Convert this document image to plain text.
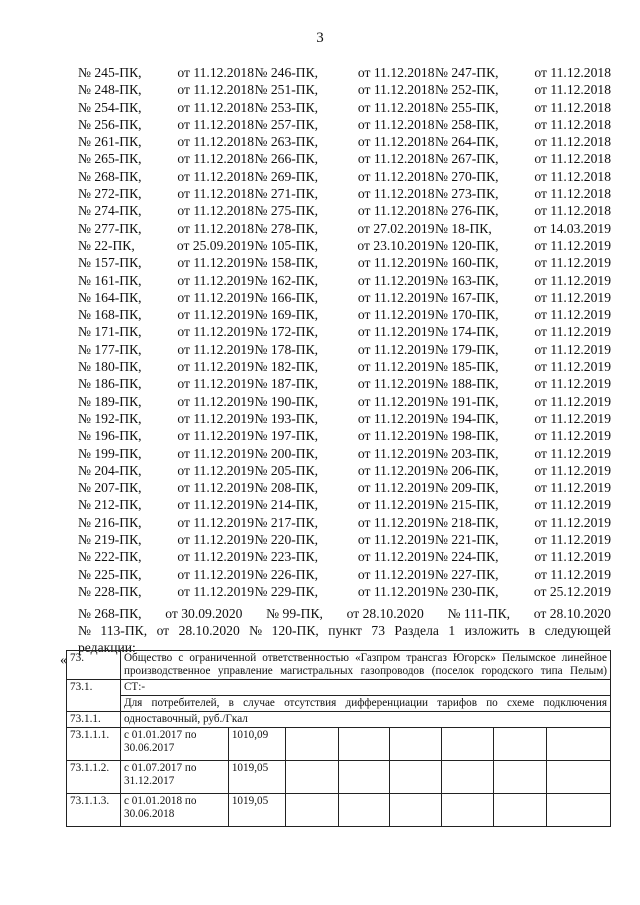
3
№ 245-ПК,	от 11.12.2018 № 246-ПК,	от 11.12.2018 № 247-ПК,	от 11.12.2018
№ 248-ПК,	от 11.12.2018 № 251-ПК,	от 11.12.2018 № 252-ПК,	от 11.12.2018
№ 254-ПК,	от 11.12.2018 № 253-ПК,	от 11.12.2018 № 255-ПК,	от 11.12.2018
№ 256-ПК,	от 11.12.2018 № 257-ПК,	от 11.12.2018 № 258-ПК,	от 11.12.2018
№ 261-ПК,	от 11.12.2018 № 263-ПК,	от 11.12.2018 № 264-ПК,	от 11.12.2018
№ 265-ПК,	от 11.12.2018 № 266-ПК,	от 11.12.2018 № 267-ПК,	от 11.12.2018
№ 268-ПК,	от 11.12.2018 № 269-ПК,	от 11.12.2018 № 270-ПК,	от 11.12.2018
№ 272-ПК,	от 11.12.2018 № 271-ПК,	от 11.12.2018 № 273-ПК,	от 11.12.2018
№ 274-ПК,	от 11.12.2018 № 275-ПК,	от 11.12.2018 № 276-ПК,	от 11.12.2018
№ 277-ПК,	от 11.12.2018 № 278-ПК,	от 27.02.2019 № 18-ПК,	от 14.03.2019
№ 22-ПК,	от 25.09.2019 № 105-ПК,	от 23.10.2019 № 120-ПК,	от 11.12.2019
№ 157-ПК,	от 11.12.2019 № 158-ПК,	от 11.12.2019 № 160-ПК,	от 11.12.2019
№ 161-ПК,	от 11.12.2019 № 162-ПК,	от 11.12.2019 № 163-ПК,	от 11.12.2019
№ 164-ПК,	от 11.12.2019 № 166-ПК,	от 11.12.2019 № 167-ПК,	от 11.12.2019
№ 168-ПК,	от 11.12.2019 № 169-ПК,	от 11.12.2019 № 170-ПК,	от 11.12.2019
№ 171-ПК,	от 11.12.2019 № 172-ПК,	от 11.12.2019 № 174-ПК,	от 11.12.2019
№ 177-ПК,	от 11.12.2019 № 178-ПК,	от 11.12.2019 № 179-ПК,	от 11.12.2019
№ 180-ПК,	от 11.12.2019 № 182-ПК,	от 11.12.2019 № 185-ПК,	от 11.12.2019
№ 186-ПК,	от 11.12.2019 № 187-ПК,	от 11.12.2019 № 188-ПК,	от 11.12.2019
№ 189-ПК,	от 11.12.2019 № 190-ПК,	от 11.12.2019 № 191-ПК,	от 11.12.2019
№ 192-ПК,	от 11.12.2019 № 193-ПК,	от 11.12.2019 № 194-ПК,	от 11.12.2019
№ 196-ПК,	от 11.12.2019 № 197-ПК,	от 11.12.2019 № 198-ПК,	от 11.12.2019
№ 199-ПК,	от 11.12.2019 № 200-ПК,	от 11.12.2019 № 203-ПК,	от 11.12.2019
№ 204-ПК,	от 11.12.2019 № 205-ПК,	от 11.12.2019 № 206-ПК,	от 11.12.2019
№ 207-ПК,	от 11.12.2019 № 208-ПК,	от 11.12.2019 № 209-ПК,	от 11.12.2019
№ 212-ПК,	от 11.12.2019 № 214-ПК,	от 11.12.2019 № 215-ПК,	от 11.12.2019
№ 216-ПК,	от 11.12.2019 № 217-ПК,	от 11.12.2019 № 218-ПК,	от 11.12.2019
№ 219-ПК,	от 11.12.2019 № 220-ПК,	от 11.12.2019 № 221-ПК,	от 11.12.2019
№ 222-ПК,	от 11.12.2019 № 223-ПК,	от 11.12.2019 № 224-ПК,	от 11.12.2019
№ 225-ПК,	от 11.12.2019 № 226-ПК,	от 11.12.2019 № 227-ПК,	от 11.12.2019
№ 228-ПК,	от 11.12.2019 № 229-ПК,	от 11.12.2019 № 230-ПК,	от 25.12.2019
№ 268-ПК, от 30.09.2020 № 99-ПК, от 28.10.2020 № 111-ПК, от 28.10.2020
№ 113-ПК, от 28.10.2020 № 120-ПК, пункт 73 Раздела 1 изложить в следующей
редакции:
« 73.	Общество с ограниченной ответственностью «Газпром трансгаз Югорск» Пелымское линейное производственное управление магистральных газопроводов (поселок городского типа Пелым)							
73.1.	СТ:-							
	Для потребителей, в случае отсутствия дифференциации тарифов по схеме подключения							
73.1.1.	одноставочный, руб./Гкал							
73.1.1.1.	с 01.01.2017 по 30.06.2017	1010,09						
73.1.1.2.	с 01.07.2017 по 31.12.2017	1019,05						
73.1.1.3.	с 01.01.2018 по 30.06.2018	1019,05						
